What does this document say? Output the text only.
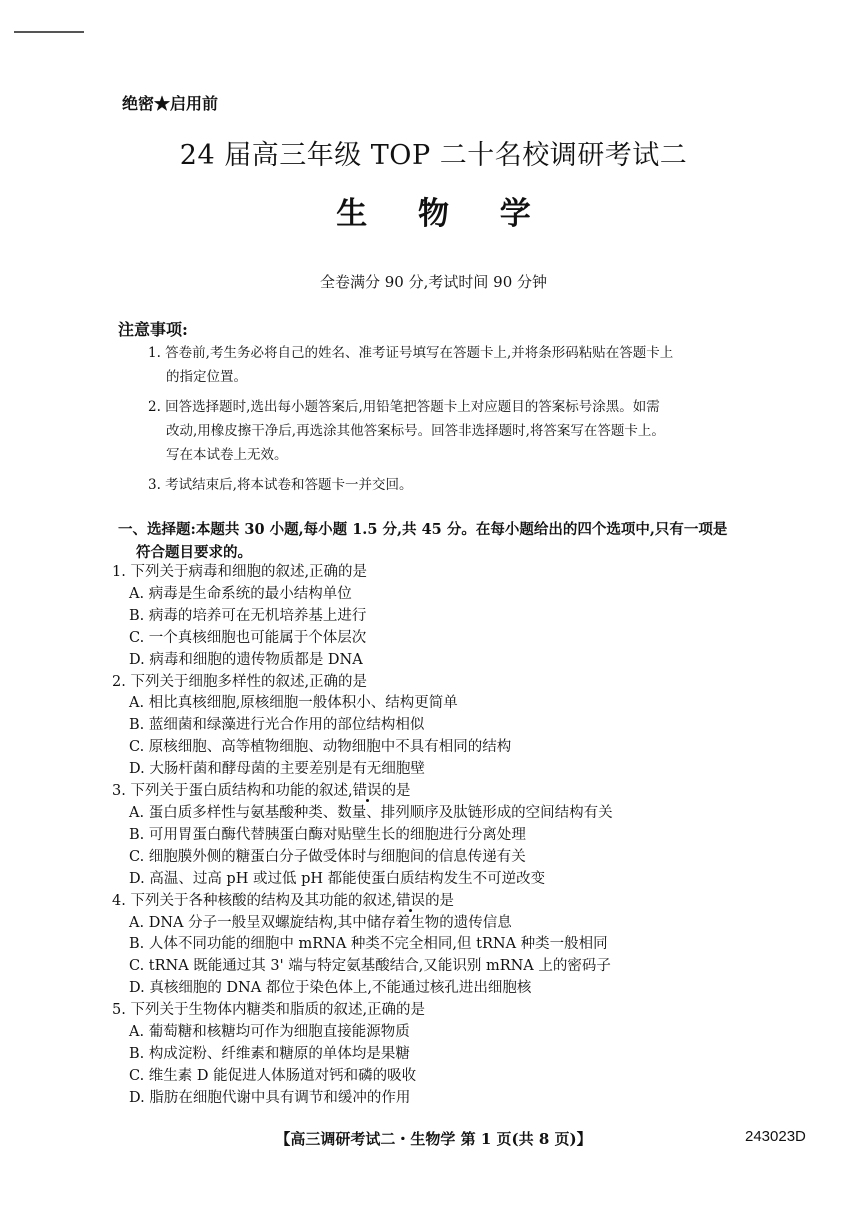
绝密★启用前
24 届高三年级 TOP 二十名校调研考试二
生 物 学
全卷满分 90 分,考试时间 90 分钟
注意事项:
1. 答卷前,考生务必将自己的姓名、准考证号填写在答题卡上,并将条形码粘贴在答题卡上
的指定位置。
2. 回答选择题时,选出每小题答案后,用铅笔把答题卡上对应题目的答案标号涂黑。如需
改动,用橡皮擦干净后,再选涂其他答案标号。回答非选择题时,将答案写在答题卡上。
写在本试卷上无效。
3. 考试结束后,将本试卷和答题卡一并交回。
一、选择题:本题共 30 小题,每小题 1.5 分,共 45 分。在每小题给出的四个选项中,只有一项是
符合题目要求的。

1. 下列关于病毒和细胞的叙述,正确的是

A. 病毒是生命系统的最小结构单位

B. 病毒的培养可在无机培养基上进行

C. 一个真核细胞也可能属于个体层次

D. 病毒和细胞的遗传物质都是 DNA

2. 下列关于细胞多样性的叙述,正确的是

A. 相比真核细胞,原核细胞一般体积小、结构更简单

B. 蓝细菌和绿藻进行光合作用的部位结构相似

C. 原核细胞、高等植物细胞、动物细胞中不具有相同的结构

D. 大肠杆菌和酵母菌的主要差别是有无细胞壁

3. 下列关于蛋白质结构和功能的叙述,错误的是

A. 蛋白质多样性与氨基酸种类、数量、排列顺序及肽链形成的空间结构有关

B. 可用胃蛋白酶代替胰蛋白酶对贴壁生长的细胞进行分离处理

C. 细胞膜外侧的糖蛋白分子做受体时与细胞间的信息传递有关

D. 高温、过高 pH 或过低 pH 都能使蛋白质结构发生不可逆改变

4. 下列关于各种核酸的结构及其功能的叙述,错误的是

A. DNA 分子一般呈双螺旋结构,其中储存着生物的遗传信息

B. 人体不同功能的细胞中 mRNA 种类不完全相同,但 tRNA 种类一般相同

C. tRNA 既能通过其 3' 端与特定氨基酸结合,又能识别 mRNA 上的密码子

D. 真核细胞的 DNA 都位于染色体上,不能通过核孔进出细胞核

5. 下列关于生物体内糖类和脂质的叙述,正确的是

A. 葡萄糖和核糖均可作为细胞直接能源物质

B. 构成淀粉、纤维素和糖原的单体均是果糖

C. 维生素 D 能促进人体肠道对钙和磷的吸收

D. 脂肪在细胞代谢中具有调节和缓冲的作用

【高三调研考试二・生物学 第 1 页(共 8 页)】	243023D
